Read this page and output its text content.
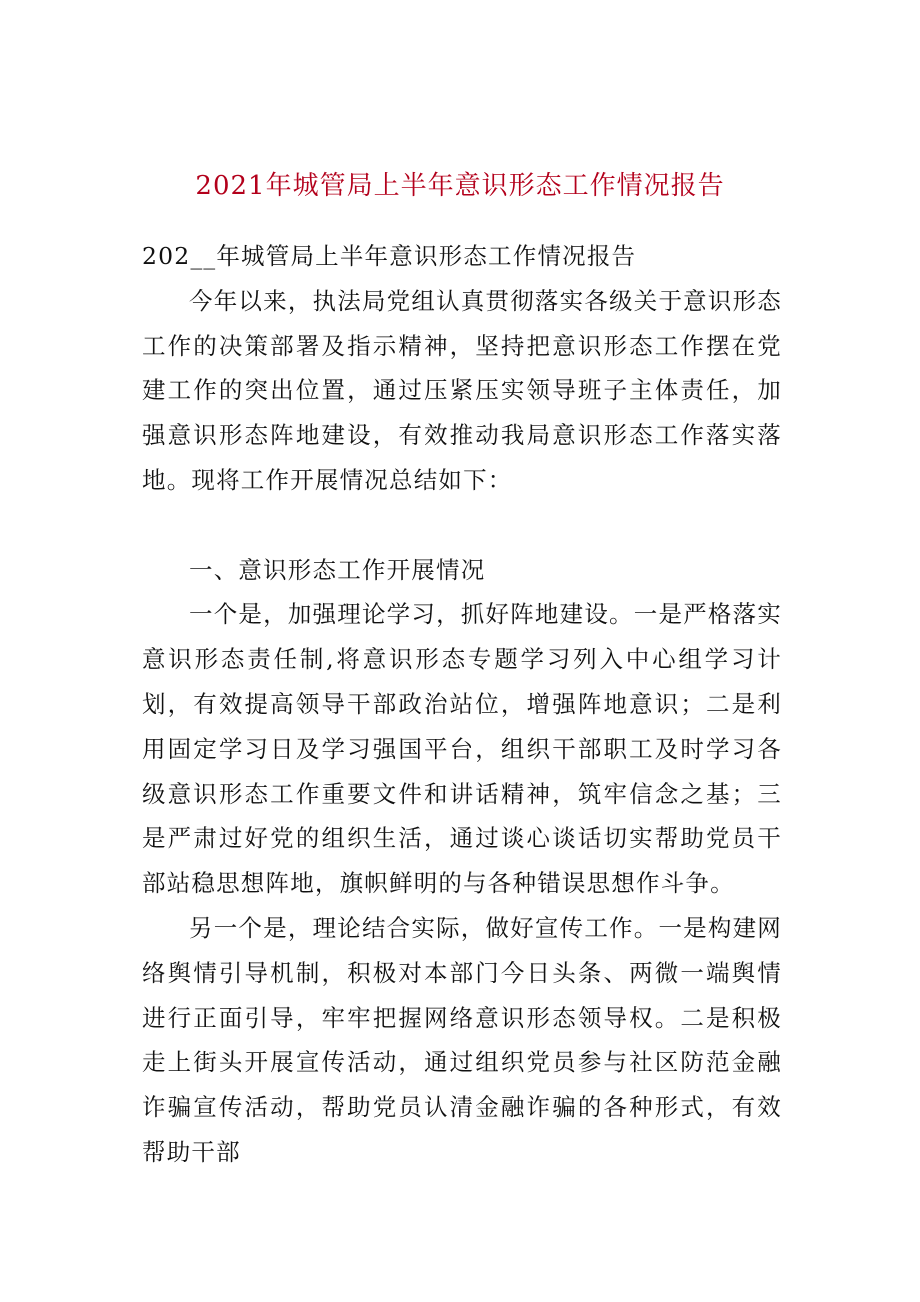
2021年城管局上半年意识形态工作情况报告

202__年城管局上半年意识形态工作情况报告

今年以来，执法局党组认真贯彻落实各级关于意识形态工作的决策部署及指示精神，坚持把意识形态工作摆在党建工作的突出位置，通过压紧压实领导班子主体责任，加强意识形态阵地建设，有效推动我局意识形态工作落实落地。现将工作开展情况总结如下：

一、意识形态工作开展情况

一个是，加强理论学习，抓好阵地建设。一是严格落实意识形态责任制,将意识形态专题学习列入中心组学习计划，有效提高领导干部政治站位，增强阵地意识；二是利用固定学习日及学习强国平台，组织干部职工及时学习各级意识形态工作重要文件和讲话精神，筑牢信念之基；三是严肃过好党的组织生活，通过谈心谈话切实帮助党员干部站稳思想阵地，旗帜鲜明的与各种错误思想作斗争。

另一个是，理论结合实际，做好宣传工作。一是构建网络舆情引导机制，积极对本部门今日头条、两微一端舆情进行正面引导，牢牢把握网络意识形态领导权。二是积极走上街头开展宣传活动，通过组织党员参与社区防范金融诈骗宣传活动，帮助党员认清金融诈骗的各种形式，有效帮助干部
